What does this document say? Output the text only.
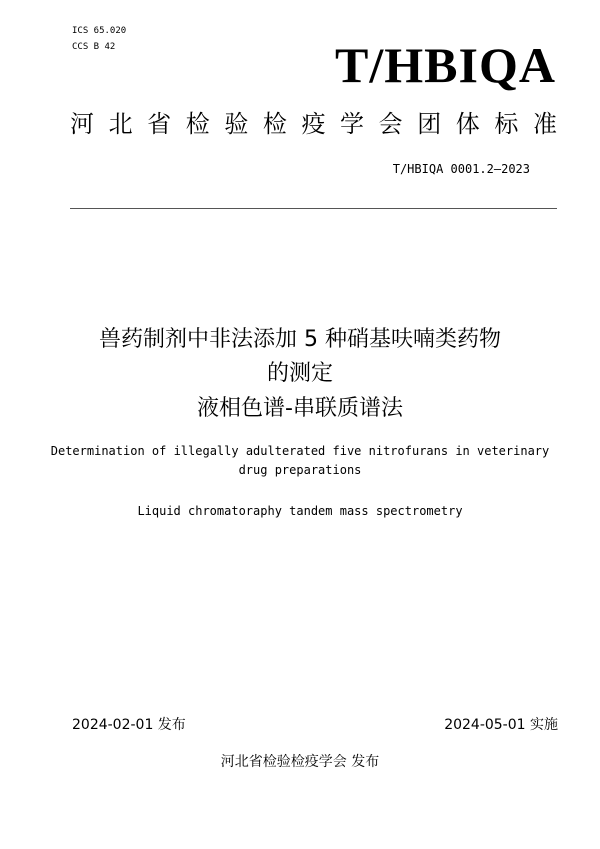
ICS 65.020
CCS B 42	T/HBIQA
河 北 省 检 验 检 疫 学 会 团 体 标 准
T/HBIQA 0001.2—2023
兽药制剂中非法添加 5 种硝基呋喃类药物
的测定
液相色谱-串联质谱法
Determination of illegally adulterated five nitrofurans in veterinary
drug preparations
Liquid chromatoraphy tandem mass spectrometry
2024-02-01 发布	2024-05-01 实施
河北省检验检疫学会 发布
